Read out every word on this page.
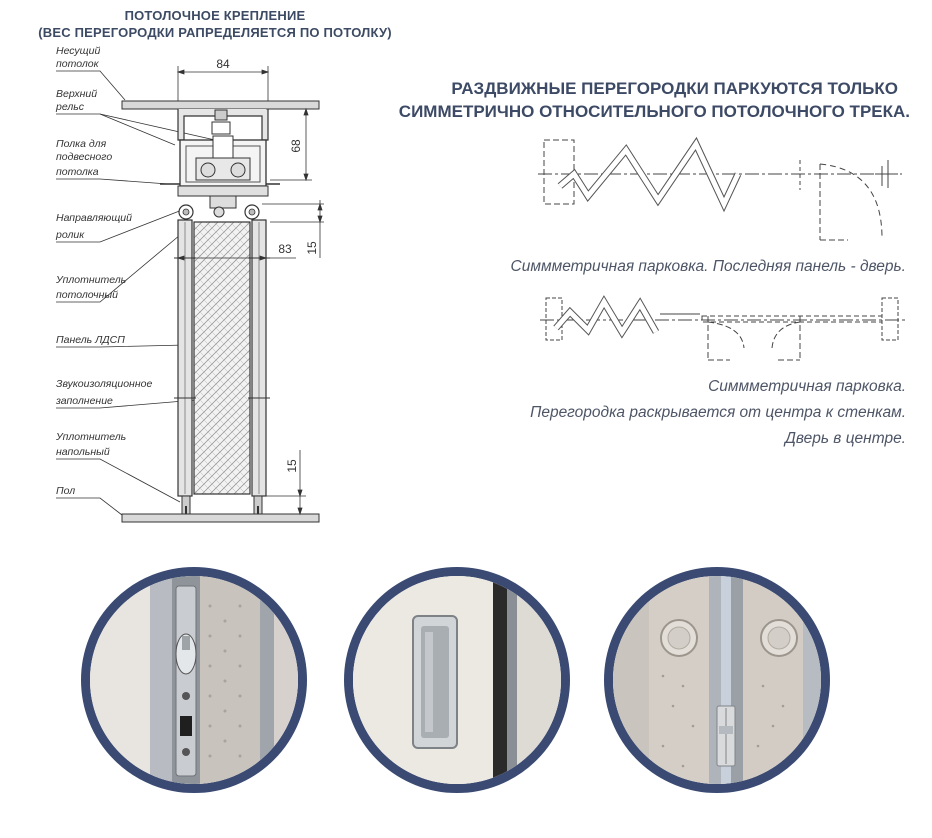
ПОТОЛОЧНОЕ КРЕПЛЕНИЕ
(ВЕС ПЕРЕГОРОДКИ РАПРЕДЕЛЯЕТСЯ ПО ПОТОЛКУ)
Несущий
потолок
Верхний
рельс
Полка для
подвесного
потолка
Направляющий
ролик
Уплотнитель
потолочный
Панель ЛДСП
Звукоизоляционное
заполнение
Уплотнитель
напольный
Пол
84
68
15
83
15
РАЗДВИЖНЫЕ ПЕРЕГОРОДКИ ПАРКУЮТСЯ ТОЛЬКО
СИММЕТРИЧНО ОТНОСИТЕЛЬНОГО ПОТОЛОЧНОГО ТРЕКА.
Симмметричная парковка. Последняя панель - дверь.
Симмметричная парковка.
Перегородка раскрывается от центра к стенкам.
Дверь в центре.
